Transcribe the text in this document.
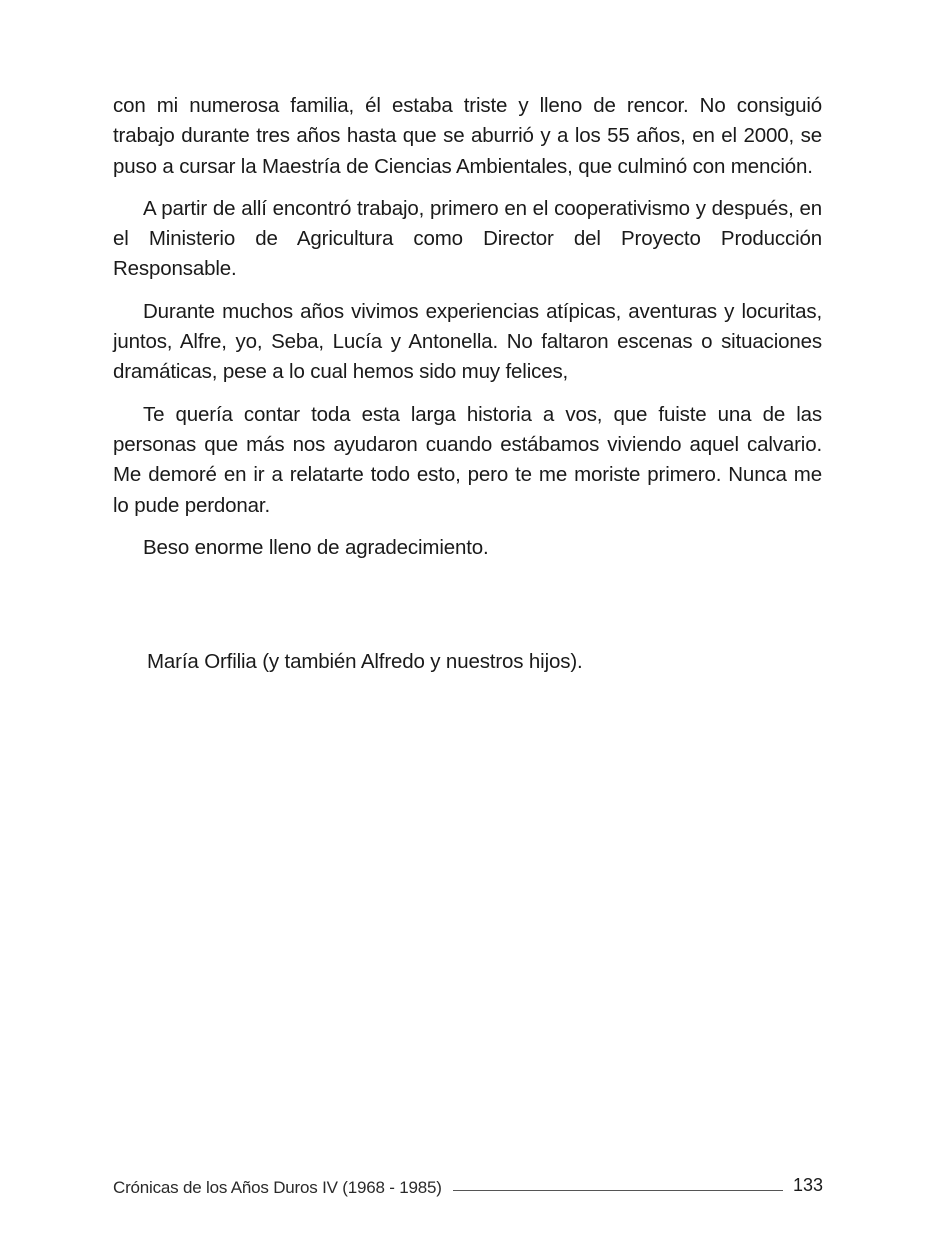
con mi numerosa familia, él estaba triste y lleno de rencor. No consiguió trabajo durante tres años hasta que se aburrió y a los 55 años, en el 2000, se puso a cursar la Maestría de Ciencias Ambientales, que culminó con mención.

A partir de allí encontró trabajo, primero en el cooperativismo y después, en el Ministerio de Agricultura como Director del Proyecto Producción Responsable.

Durante muchos años vivimos experiencias atípicas, aventuras y locuritas, juntos, Alfre, yo, Seba, Lucía y Antonella. No faltaron escenas o situaciones dramáticas, pese a lo cual hemos sido muy felices,

Te quería contar toda esta larga historia a vos, que fuiste una de las personas que más nos ayudaron cuando estábamos viviendo aquel calvario. Me demoré en ir a relatarte todo esto, pero te me moriste primero. Nunca me lo pude perdonar.

Beso enorme lleno de agradecimiento.

María Orfilia (y también Alfredo y nuestros hijos).
Crónicas de los Años Duros IV (1968 - 1985)	133
